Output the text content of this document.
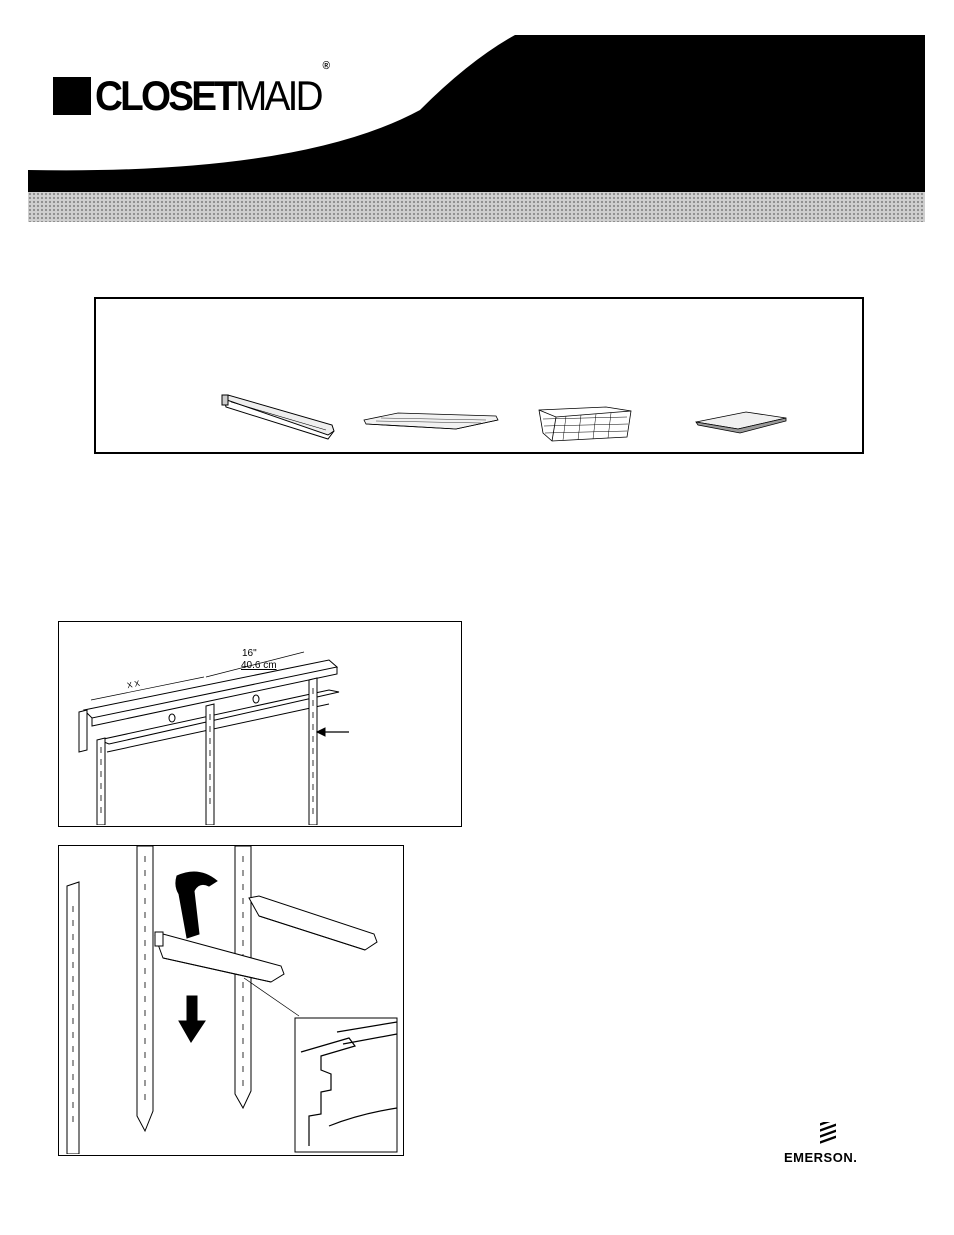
CLOSETMAID®
16"
40.6 cm
X X
EMERSON.
